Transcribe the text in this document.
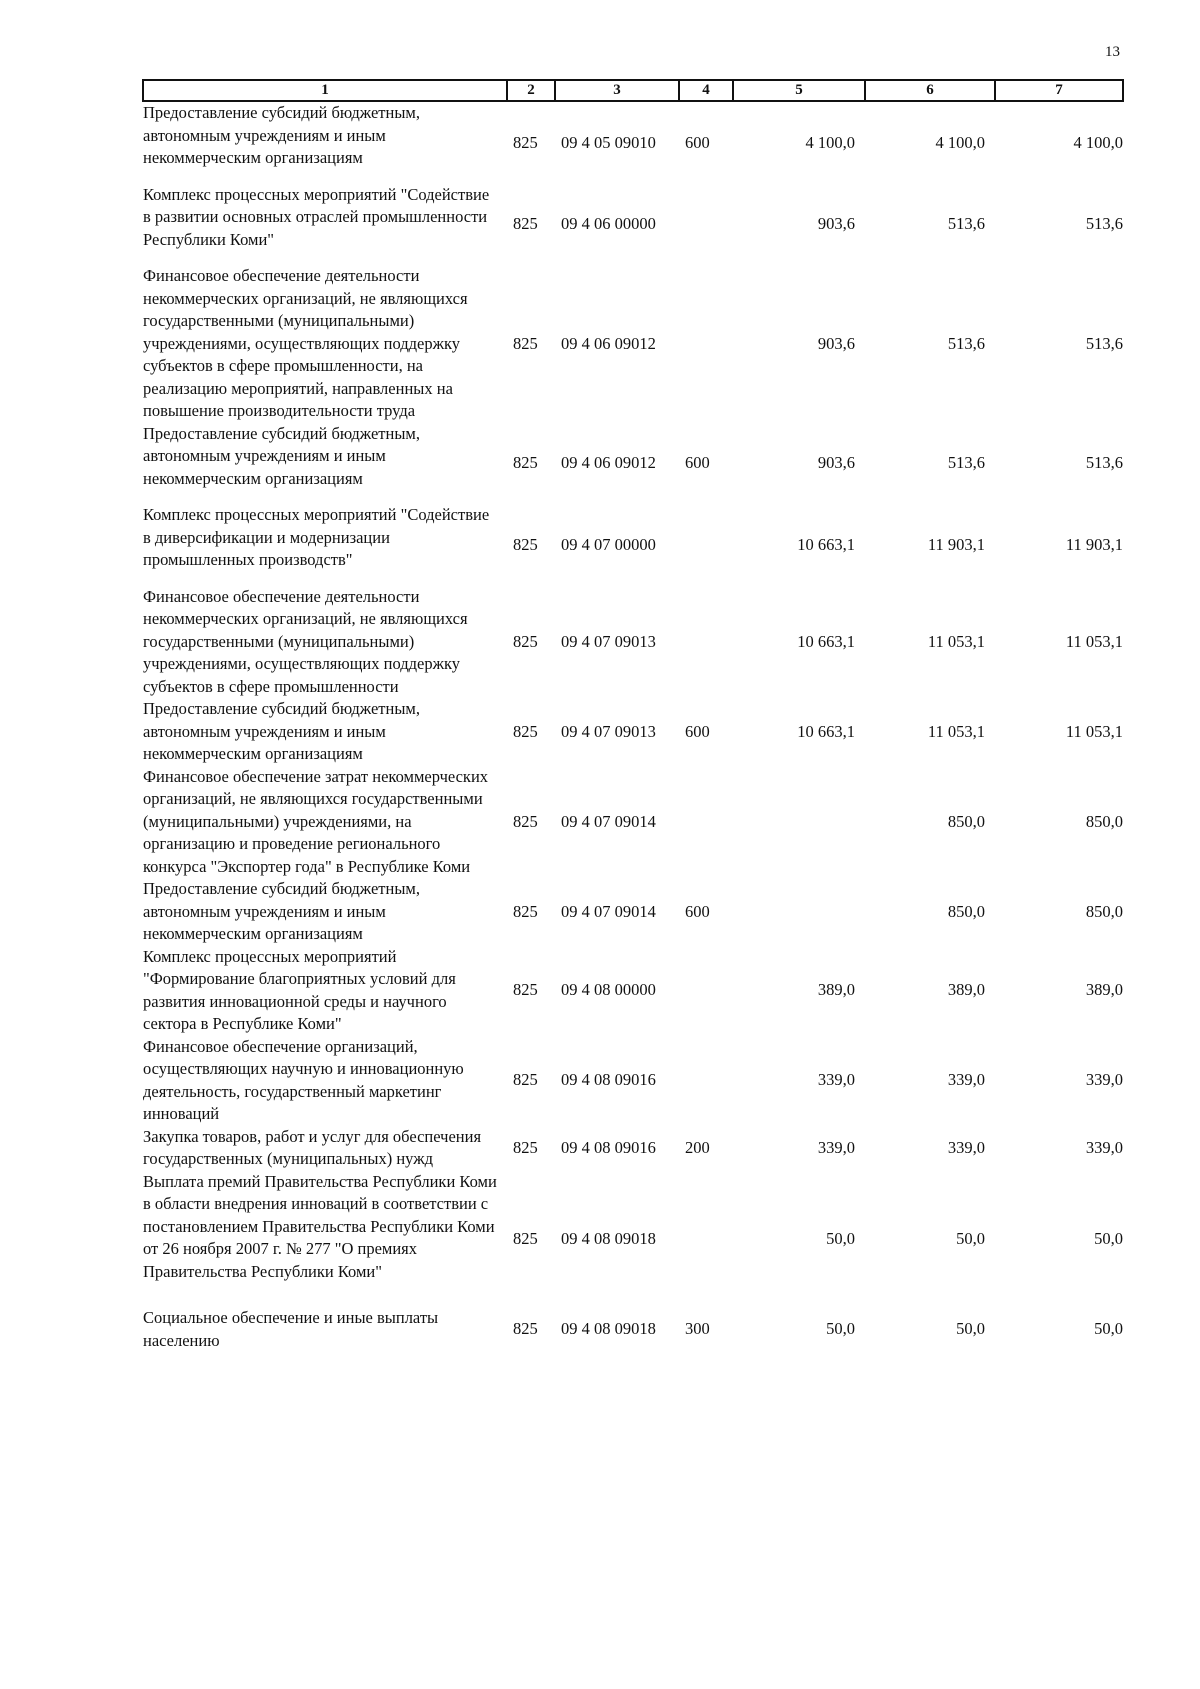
13
1	2	3	4	5	6	7
Предоставление субсидий бюджетным, автономным учреждениям и иным некоммерческим организациям	825	09 4 05 09010	600	4 100,0	4 100,0	4 100,0
Комплекс процессных мероприятий "Содействие в развитии основных отраслей промышленности Республики Коми"	825	09 4 06 00000		903,6	513,6	513,6
Финансовое обеспечение деятельности некоммерческих организаций, не являющихся государственными (муниципальными) учреждениями, осуществляющих поддержку субъектов в сфере промышленности, на реализацию мероприятий, направленных на повышение производительности труда	825	09 4 06 09012		903,6	513,6	513,6
Предоставление субсидий бюджетным, автономным учреждениям и иным некоммерческим организациям	825	09 4 06 09012	600	903,6	513,6	513,6
Комплекс процессных мероприятий "Содействие в диверсификации и модернизации промышленных производств"	825	09 4 07 00000		10 663,1	11 903,1	11 903,1
Финансовое обеспечение деятельности некоммерческих организаций, не являющихся государственными (муниципальными) учреждениями, осуществляющих поддержку субъектов в сфере промышленности	825	09 4 07 09013		10 663,1	11 053,1	11 053,1
Предоставление субсидий бюджетным, автономным учреждениям и иным некоммерческим организациям	825	09 4 07 09013	600	10 663,1	11 053,1	11 053,1
Финансовое обеспечение затрат некоммерческих организаций, не являющихся государственными (муниципальными) учреждениями, на организацию и проведение регионального конкурса "Экспортер года" в Республике Коми	825	09 4 07 09014			850,0	850,0
Предоставление субсидий бюджетным, автономным учреждениям и иным некоммерческим организациям	825	09 4 07 09014	600		850,0	850,0
Комплекс процессных мероприятий "Формирование благоприятных условий для развития инновационной среды и научного сектора в Республике Коми"	825	09 4 08 00000		389,0	389,0	389,0
Финансовое обеспечение организаций, осуществляющих научную и инновационную деятельность, государственный маркетинг инноваций	825	09 4 08 09016		339,0	339,0	339,0
Закупка товаров, работ и услуг для обеспечения государственных (муниципальных) нужд	825	09 4 08 09016	200	339,0	339,0	339,0
Выплата премий Правительства Республики Коми в области внедрения инноваций в соответствии с постановлением Правительства Республики Коми от 26 ноября 2007 г. № 277 "О премиях Правительства Республики Коми"	825	09 4 08 09018		50,0	50,0	50,0
Социальное обеспечение и иные выплаты населению	825	09 4 08 09018	300	50,0	50,0	50,0
